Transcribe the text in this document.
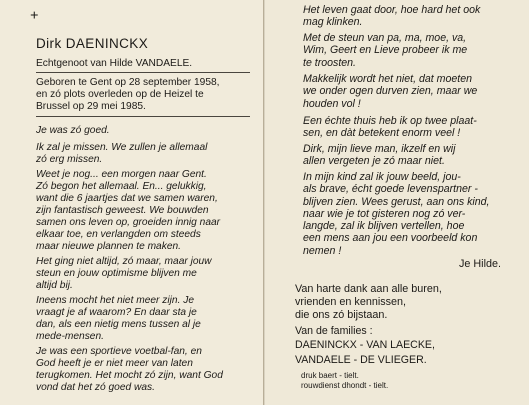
+
Dirk DAENINCKX
Echtgenoot van Hilde VANDAELE.
Geboren te Gent op 28 september 1958,
en zó plots overleden op de Heizel te
Brussel op 29 mei 1985.
Je was zó goed.
Ik zal je missen. We zullen je allemaal
zó erg missen.
Weet je nog... een morgen naar Gent.
Zó begon het allemaal. En... gelukkig,
want die 6 jaartjes dat we samen waren,
zijn fantastisch geweest. We bouwden
samen ons leven op, groeiden innig naar
elkaar toe, en verlangden om steeds
maar nieuwe plannen te maken.
Het ging niet altijd, zó maar, maar jouw
steun en jouw optimisme blijven me
altijd bij.
Ineens mocht het niet meer zijn. Je
vraagt je af waarom? En daar sta je
dan, als een nietig mens tussen al je
mede-mensen.
Je was een sportieve voetbal-fan, en
God heeft je er niet meer van laten
terugkomen. Het mocht zó zijn, want God
vond dat het zó goed was.
Het leven gaat door, hoe hard het ook
mag klinken.
Met de steun van pa, ma, moe, va,
Wim, Geert en Lieve probeer ik me
te troosten.
Makkelijk wordt het niet, dat moeten
we onder ogen durven zien, maar we
houden vol !
Een échte thuis heb ik op twee plaat-
sen, en dàt betekent enorm veel !
Dirk, mijn lieve man, ikzelf en wij
allen vergeten je zó maar niet.
In mijn kind zal ik jouw beeld, jou-
als brave, écht goede levenspartner -
blijven zien. Wees gerust, aan ons kind,
naar wie je tot gisteren nog zó ver-
langde, zal ik blijven vertellen, hoe
een mens aan jou een voorbeeld kon
nemen !
Je Hilde.
Van harte dank aan alle buren,
vrienden en kennissen,
die ons zó bijstaan.
Van de families :
DAENINCKX - VAN LAECKE,
VANDAELE - DE VLIEGER.
druk baert - tielt.
rouwdienst dhondt - tielt.
